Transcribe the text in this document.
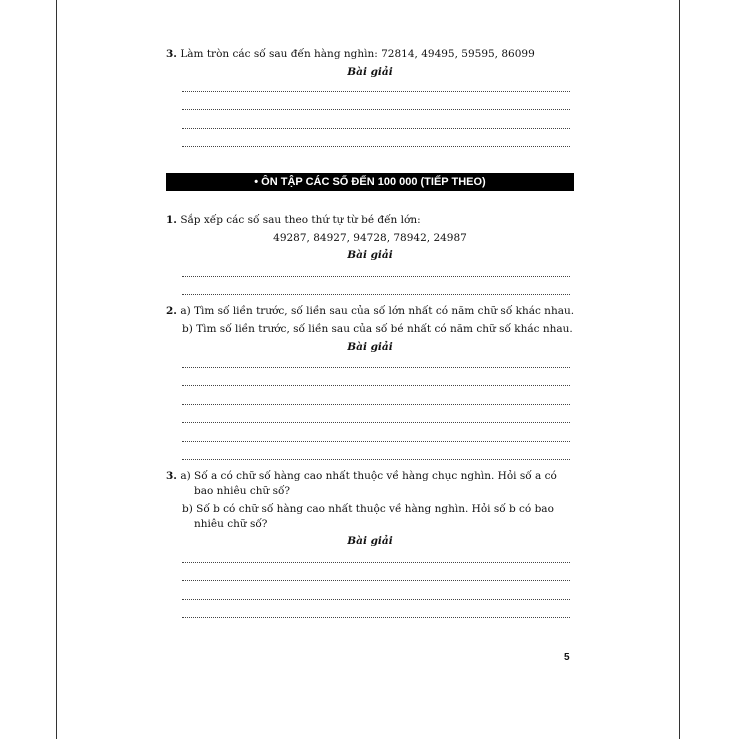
3. Làm tròn các số sau đến hàng nghìn: 72814, 49495, 59595, 86099
Bài giải
• ÔN TẬP CÁC SỐ ĐẾN 100 000 (TIẾP THEO)
1. Sắp xếp các số sau theo thứ tự từ bé đến lớn:
49287, 84927, 94728, 78942, 24987
Bài giải
2. a) Tìm số liền trước, số liền sau của số lớn nhất có năm chữ số khác nhau.
b) Tìm số liền trước, số liền sau của số bé nhất có năm chữ số khác nhau.
Bài giải
3. a) Số a có chữ số hàng cao nhất thuộc về hàng chục nghìn. Hỏi số a có
bao nhiêu chữ số?
b) Số b có chữ số hàng cao nhất thuộc về hàng nghìn. Hỏi số b có bao
nhiêu chữ số?
Bài giải
5
